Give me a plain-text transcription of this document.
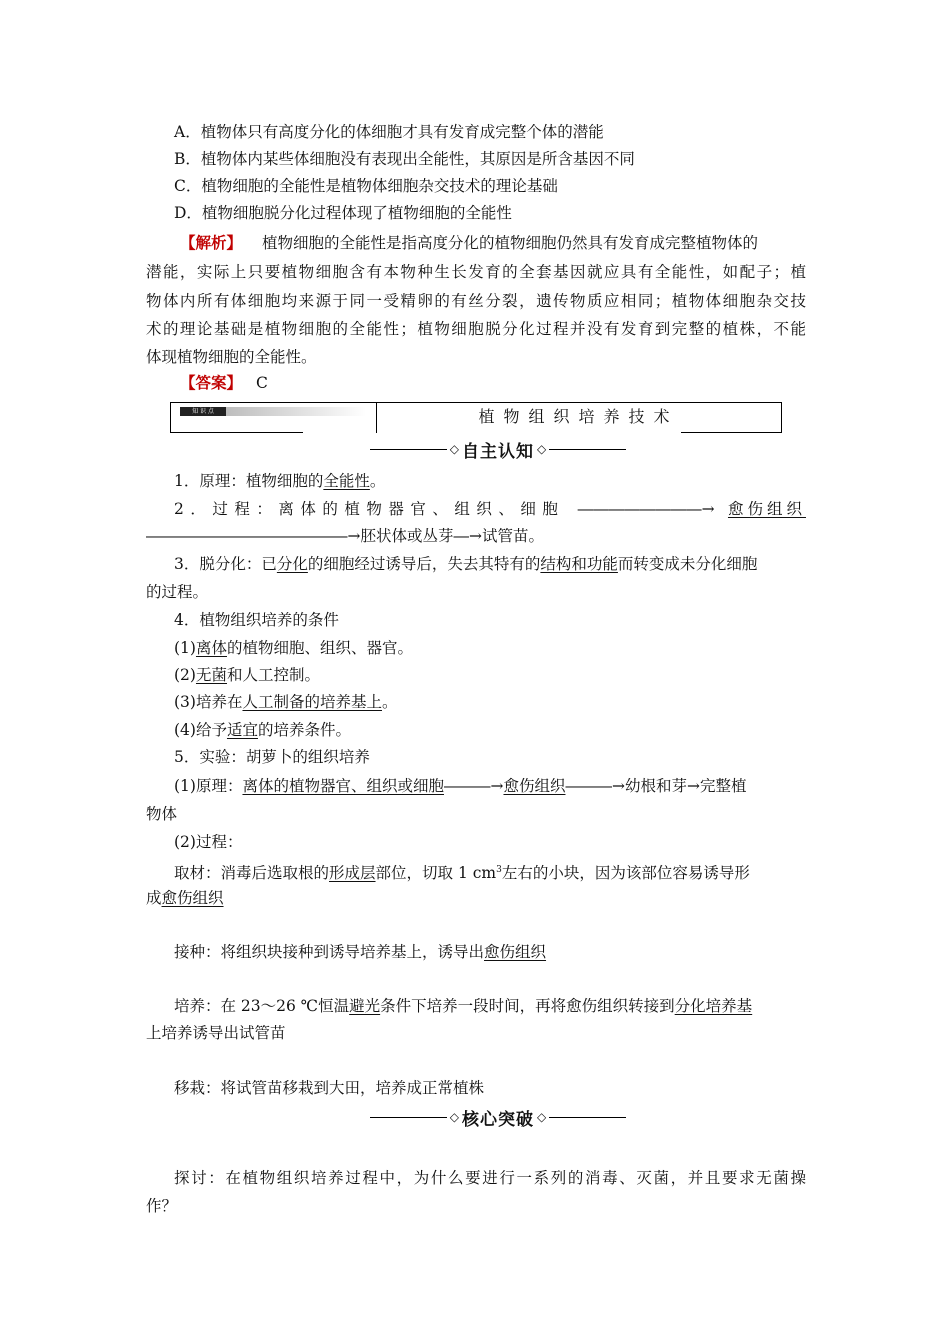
A．植物体只有高度分化的体细胞才具有发育成完整个体的潜能
B．植物体内某些体细胞没有表现出全能性，其原因是所含基因不同
C．植物细胞的全能性是植物体细胞杂交技术的理论基础
D．植物细胞脱分化过程体现了植物细胞的全能性
【解析】 植物细胞的全能性是指高度分化的植物细胞仍然具有发育成完整植物体的
潜能，实际上只要植物细胞含有本物种生长发育的全套基因就应具有全能性，如配子；植
物体内所有体细胞均来源于同一受精卵的有丝分裂，遗传物质应相同；植物体细胞杂交技
术的理论基础是植物细胞的全能性；植物细胞脱分化过程并没有发育到完整的植株，不能
体现植物细胞的全能性。
【答案】 C
知 识 点	植物组织培养技术
◇ 自主认知 ◇
1．原理：植物细胞的全能性。
2．过程：离体的植物器官、组织、细胞 ――――――――→ 愈伤组织
―――――――――――――→胚状体或丛芽―→试管苗。
3．脱分化：已分化的细胞经过诱导后，失去其特有的结构和功能而转变成未分化细胞
的过程。
4．植物组织培养的条件
(1)离体的植物细胞、组织、器官。
(2)无菌和人工控制。
(3)培养在人工制备的培养基上。
(4)给予适宜的培养条件。
5．实验：胡萝卜的组织培养
(1)原理：离体的植物器官、组织或细胞―――→愈伤组织―――→幼根和芽→完整植
物体
(2)过程：
取材：消毒后选取根的形成层部位，切取 1 $cm^3$左右的小块，因为该部位容易诱导形
成愈伤组织
接种：将组织块接种到诱导培养基上，诱导出愈伤组织
培养：在 23～26 ℃恒温避光条件下培养一段时间，再将愈伤组织转接到分化培养基
上培养诱导出试管苗
移栽：将试管苗移栽到大田，培养成正常植株
◇ 核心突破 ◇
探讨：在植物组织培养过程中，为什么要进行一系列的消毒、灭菌，并且要求无菌操
作？
